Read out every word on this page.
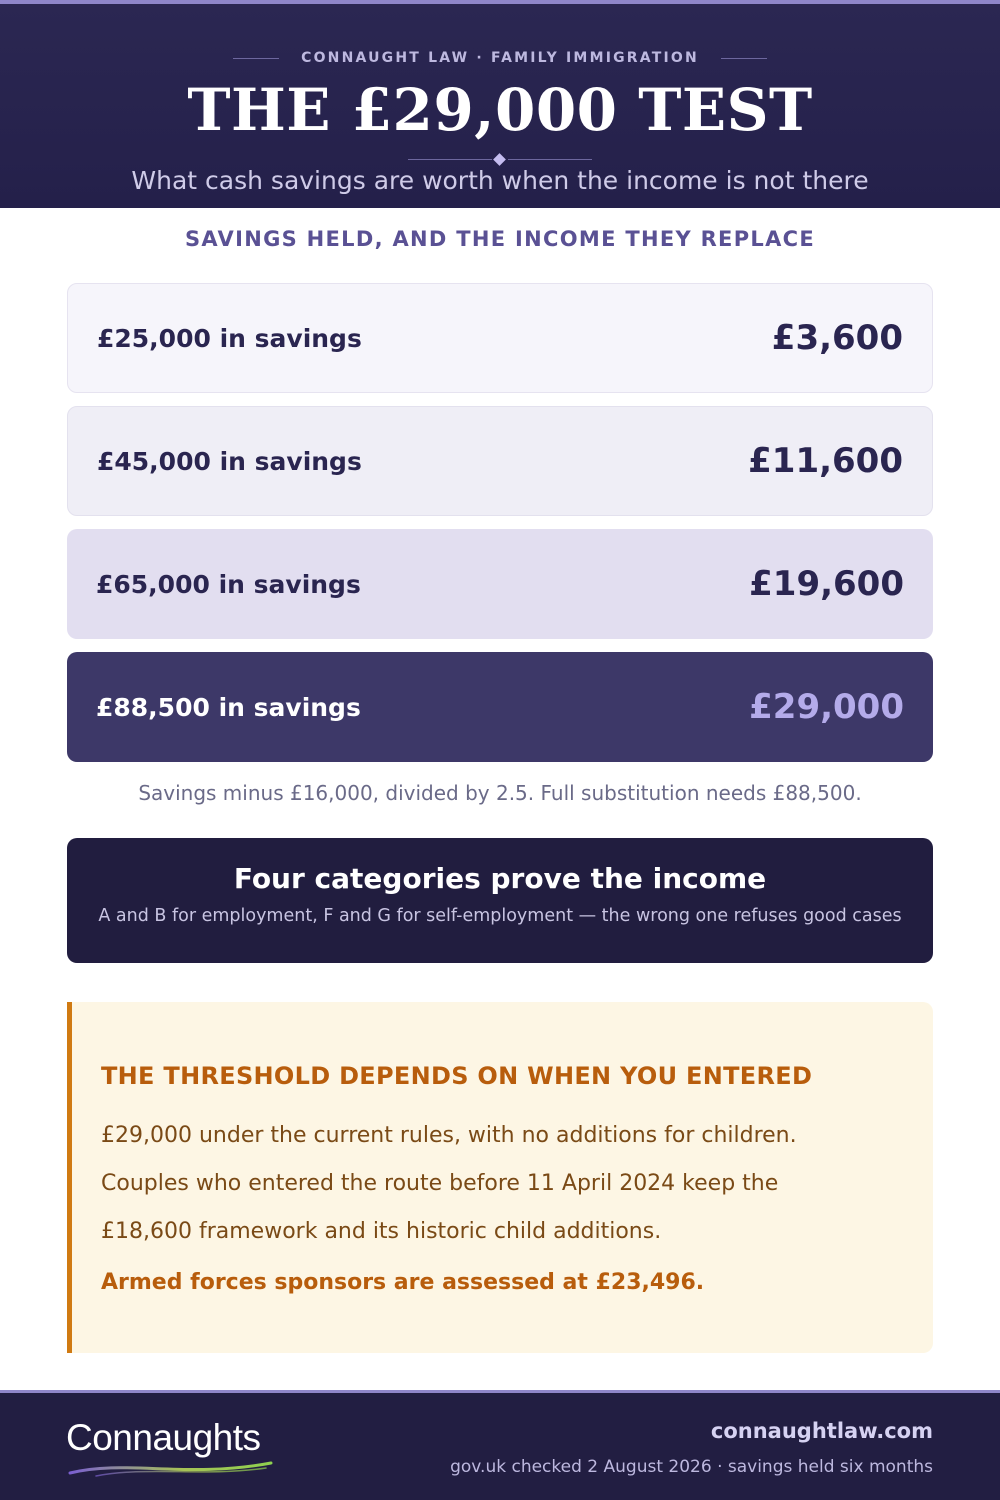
CONNAUGHT LAW · FAMILY IMMIGRATION
THE £29,000 TEST
What cash savings are worth when the income is not there
SAVINGS HELD, AND THE INCOME THEY REPLACE
£25,000 in savings	£3,600
£45,000 in savings	£11,600
£65,000 in savings	£19,600
£88,500 in savings	£29,000
Savings minus £16,000, divided by 2.5. Full substitution needs £88,500.
Four categories prove the income
A and B for employment, F and G for self-employment — the wrong one refuses good cases
THE THRESHOLD DEPENDS ON WHEN YOU ENTERED

£29,000 under the current rules, with no additions for children.

Couples who entered the route before 11 April 2024 keep the

£18,600 framework and its historic child additions.

Armed forces sponsors are assessed at £23,496.
Connaughts	connaughtlaw.com
gov.uk checked 2 August 2026 · savings held six months
